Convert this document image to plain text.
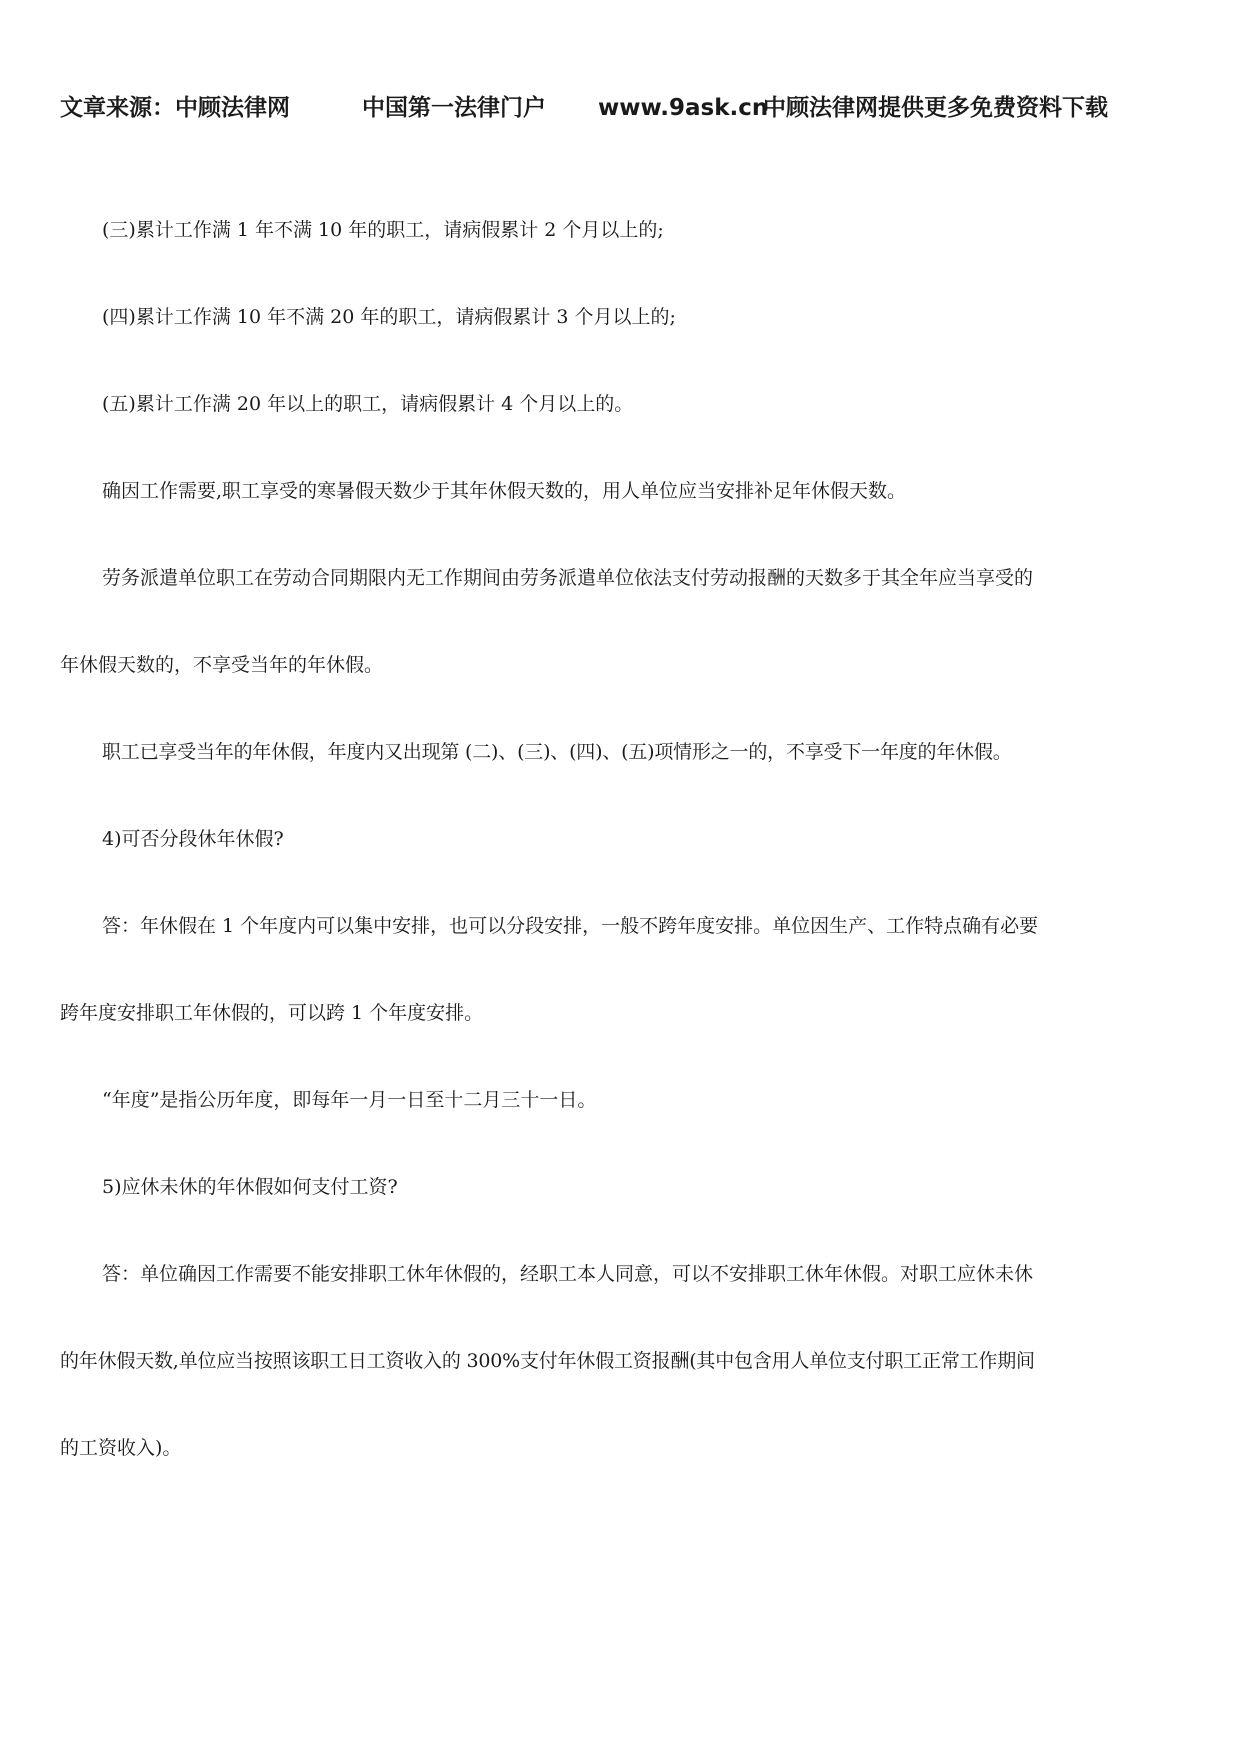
文章来源：中顾法律网	中国第一法律门户 www.9ask.cn
中顾法律网提供更多免费资料下载
(三)累计工作满 1 年不满 10 年的职工，请病假累计 2 个月以上的;
(四)累计工作满 10 年不满 20 年的职工，请病假累计 3 个月以上的;
(五)累计工作满 20 年以上的职工，请病假累计 4 个月以上的。
确因工作需要,职工享受的寒暑假天数少于其年休假天数的，用人单位应当安排补足年休假天数。
劳务派遣单位职工在劳动合同期限内无工作期间由劳务派遣单位依法支付劳动报酬的天数多于其全年应当享受的
年休假天数的，不享受当年的年休假。
职工已享受当年的年休假，年度内又出现第 (二)、(三)、(四)、(五)项情形之一的，不享受下一年度的年休假。
4)可否分段休年休假?
答：年休假在 1 个年度内可以集中安排，也可以分段安排，一般不跨年度安排。单位因生产、工作特点确有必要
跨年度安排职工年休假的，可以跨 1 个年度安排。
“年度”是指公历年度，即每年一月一日至十二月三十一日。
5)应休未休的年休假如何支付工资?
答：单位确因工作需要不能安排职工休年休假的，经职工本人同意，可以不安排职工休年休假。对职工应休未休
的年休假天数,单位应当按照该职工日工资收入的 300%支付年休假工资报酬(其中包含用人单位支付职工正常工作期间
的工资收入)。
